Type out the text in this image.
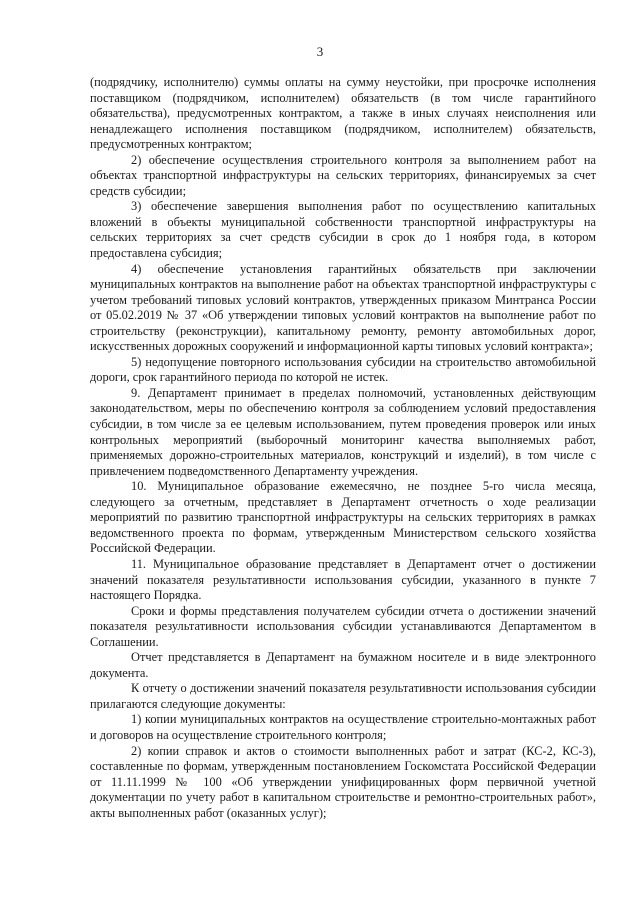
3

(подрядчику, исполнителю) суммы оплаты на сумму неустойки, при просрочке исполнения поставщиком (подрядчиком, исполнителем) обязательств (в том числе гарантийного обязательства), предусмотренных контрактом, а также в иных случаях неисполнения или ненадлежащего исполнения поставщиком (подрядчиком, исполнителем) обязательств, предусмотренных контрактом;

2) обеспечение осуществления строительного контроля за выполнением работ на объектах транспортной инфраструктуры на сельских территориях, финансируемых за счет средств субсидии;

3) обеспечение завершения выполнения работ по осуществлению капитальных вложений в объекты муниципальной собственности транспортной инфраструктуры на сельских территориях за счет средств субсидии в срок до 1 ноября года, в котором предоставлена субсидия;

4) обеспечение установления гарантийных обязательств при заключении муниципальных контрактов на выполнение работ на объектах транспортной инфраструктуры с учетом требований типовых условий контрактов, утвержденных приказом Минтранса России от 05.02.2019 № 37 «Об утверждении типовых условий контрактов на выполнение работ по строительству (реконструкции), капитальному ремонту, ремонту автомобильных дорог, искусственных дорожных сооружений и информационной карты типовых условий контракта»;

5) недопущение повторного использования субсидии на строительство автомобильной дороги, срок гарантийного периода по которой не истек.

9. Департамент принимает в пределах полномочий, установленных действующим законодательством, меры по обеспечению контроля за соблюдением условий предоставления субсидии, в том числе за ее целевым использованием, путем проведения проверок или иных контрольных мероприятий (выборочный мониторинг качества выполняемых работ, применяемых дорожно-строительных материалов, конструкций и изделий), в том числе с привлечением подведомственного Департаменту учреждения.

10. Муниципальное образование ежемесячно, не позднее 5-го числа месяца, следующего за отчетным, представляет в Департамент отчетность о ходе реализации мероприятий по развитию транспортной инфраструктуры на сельских территориях в рамках ведомственного проекта по формам, утвержденным Министерством сельского хозяйства Российской Федерации.

11. Муниципальное образование представляет в Департамент отчет о достижении значений показателя результативности использования субсидии, указанного в пункте 7 настоящего Порядка.

Сроки и формы представления получателем субсидии отчета о достижении значений показателя результативности использования субсидии устанавливаются Департаментом в Соглашении.

Отчет представляется в Департамент на бумажном носителе и в виде электронного документа.

К отчету о достижении значений показателя результативности использования субсидии прилагаются следующие документы:

1) копии муниципальных контрактов на осуществление строительно-монтажных работ и договоров на осуществление строительного контроля;

2) копии справок и актов о стоимости выполненных работ и затрат (КС-2, КС-3), составленные по формам, утвержденным постановлением Госкомстата Российской Федерации от 11.11.1999 № 100 «Об утверждении унифицированных форм первичной учетной документации по учету работ в капитальном строительстве и ремонтно-строительных работ», акты выполненных работ (оказанных услуг);
